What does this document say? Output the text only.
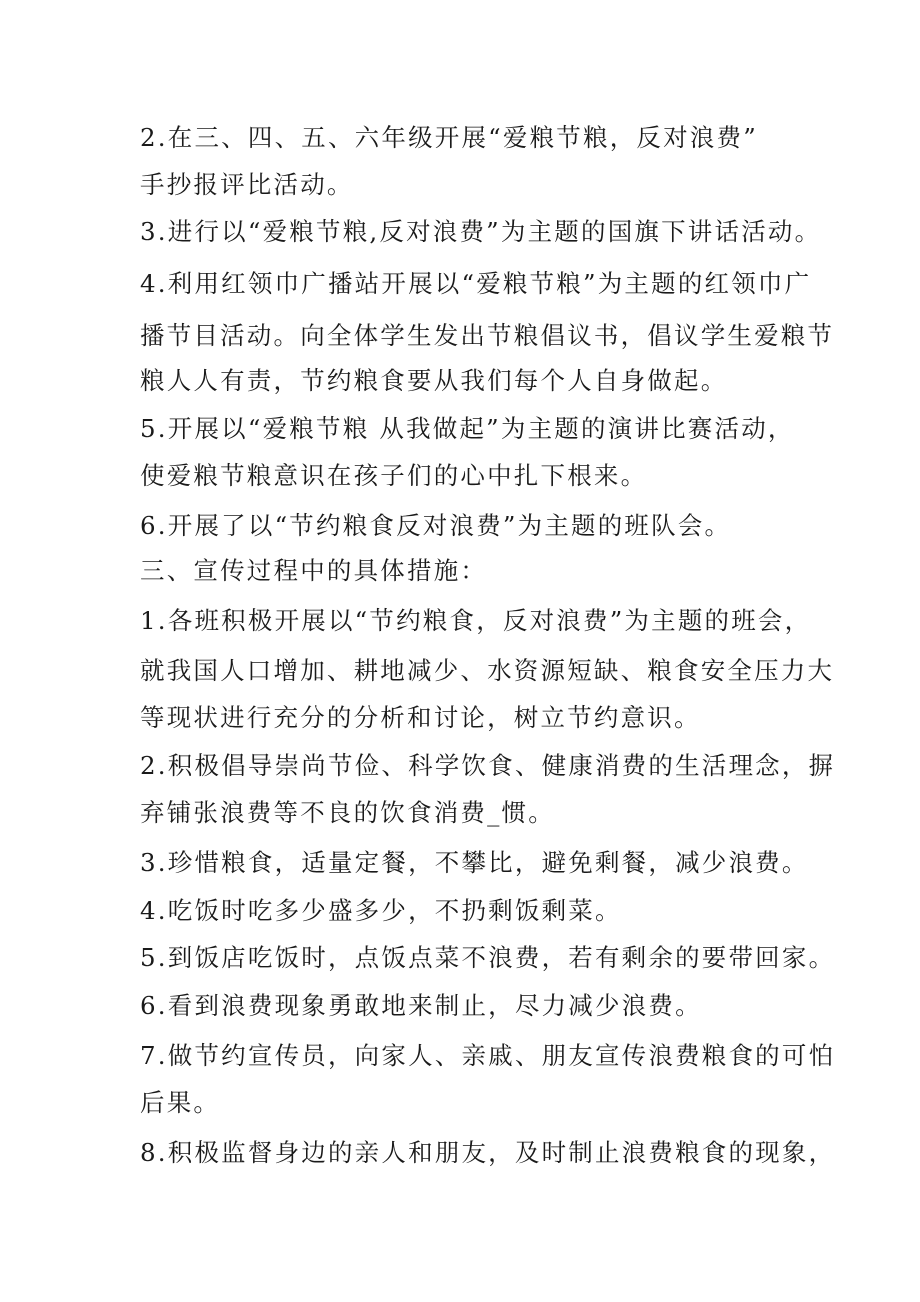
2.在三、四、五、六年级开展“爱粮节粮，反对浪费”
手抄报评比活动。
3.进行以“爱粮节粮,反对浪费”为主题的国旗下讲话活动。
4.利用红领巾广播站开展以“爱粮节粮”为主题的红领巾广
播节目活动。向全体学生发出节粮倡议书，倡议学生爱粮节
粮人人有责，节约粮食要从我们每个人自身做起。
5.开展以“爱粮节粮 从我做起”为主题的演讲比赛活动，
使爱粮节粮意识在孩子们的心中扎下根来。
6.开展了以“节约粮食反对浪费”为主题的班队会。
三、宣传过程中的具体措施：
1.各班积极开展以“节约粮食，反对浪费”为主题的班会，
就我国人口增加、耕地减少、水资源短缺、粮食安全压力大
等现状进行充分的分析和讨论，树立节约意识。
2.积极倡导崇尚节俭、科学饮食、健康消费的生活理念，摒
弃铺张浪费等不良的饮食消费_惯。
3.珍惜粮食，适量定餐，不攀比，避免剩餐，减少浪费。
4.吃饭时吃多少盛多少，不扔剩饭剩菜。
5.到饭店吃饭时，点饭点菜不浪费，若有剩余的要带回家。
6.看到浪费现象勇敢地来制止，尽力减少浪费。
7.做节约宣传员，向家人、亲戚、朋友宣传浪费粮食的可怕
后果。
8.积极监督身边的亲人和朋友，及时制止浪费粮食的现象，
